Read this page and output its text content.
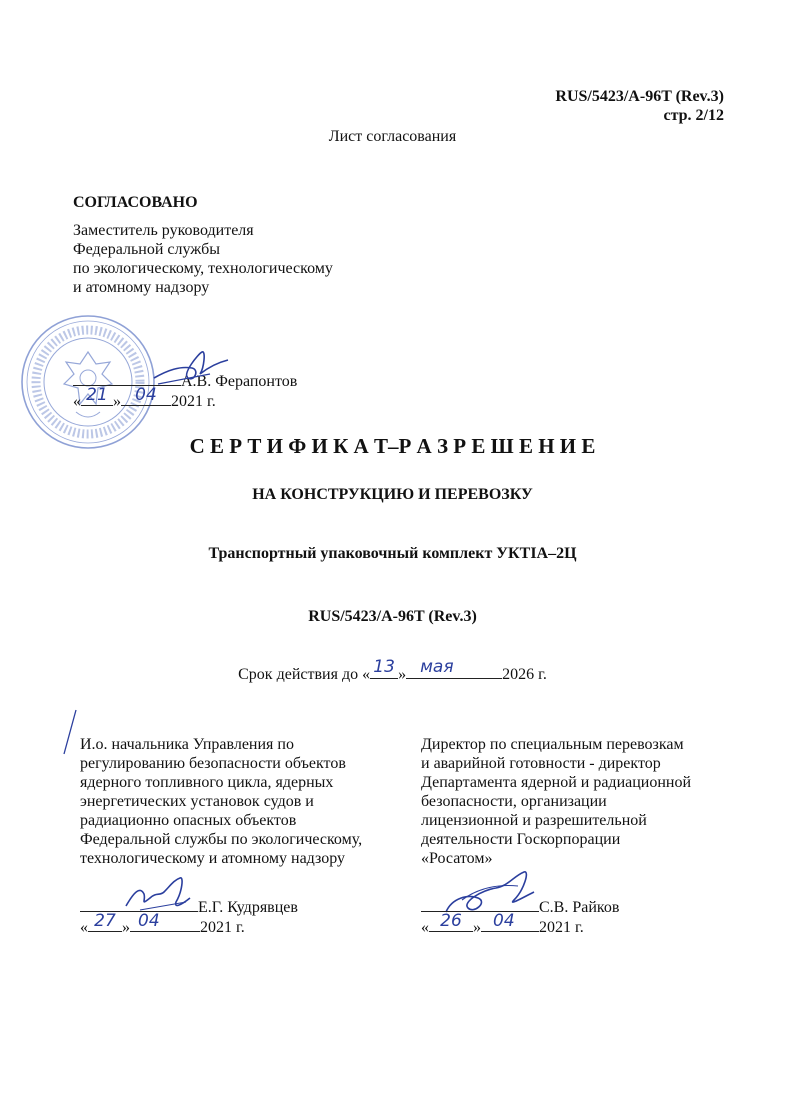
RUS/5423/A-96T (Rev.3)
стр. 2/12
Лист согласования
СОГЛАСОВАНО
Заместитель руководителя
Федеральной службы
по экологическому, технологическому
и атомному надзору
А.В. Ферапонтов
« 21 » 04 2021 г.
С Е Р Т И Ф И К А Т–Р А З Р Е Ш Е Н И Е
НА КОНСТРУКЦИЮ И ПЕРЕВОЗКУ
Транспортный упаковочный комплект УКТIA–2Ц
RUS/5423/A-96T (Rev.3)
Срок действия до « 13 » мая	2026 г.
И.о. начальника Управления по
регулированию безопасности объектов
ядерного топливного цикла, ядерных
энергетических установок судов и
радиационно опасных объектов
Федеральной службы по экологическому,
технологическому и атомному надзору
Е.Г. Кудрявцев
« 27 » 04	2021 г.
Директор по специальным перевозкам
и аварийной готовности - директор
Департамента ядерной и радиационной
безопасности, организации
лицензионной и разрешительной
деятельности Госкорпорации
«Росатом»
С.В. Райков
« 26 » 04 2021 г.
